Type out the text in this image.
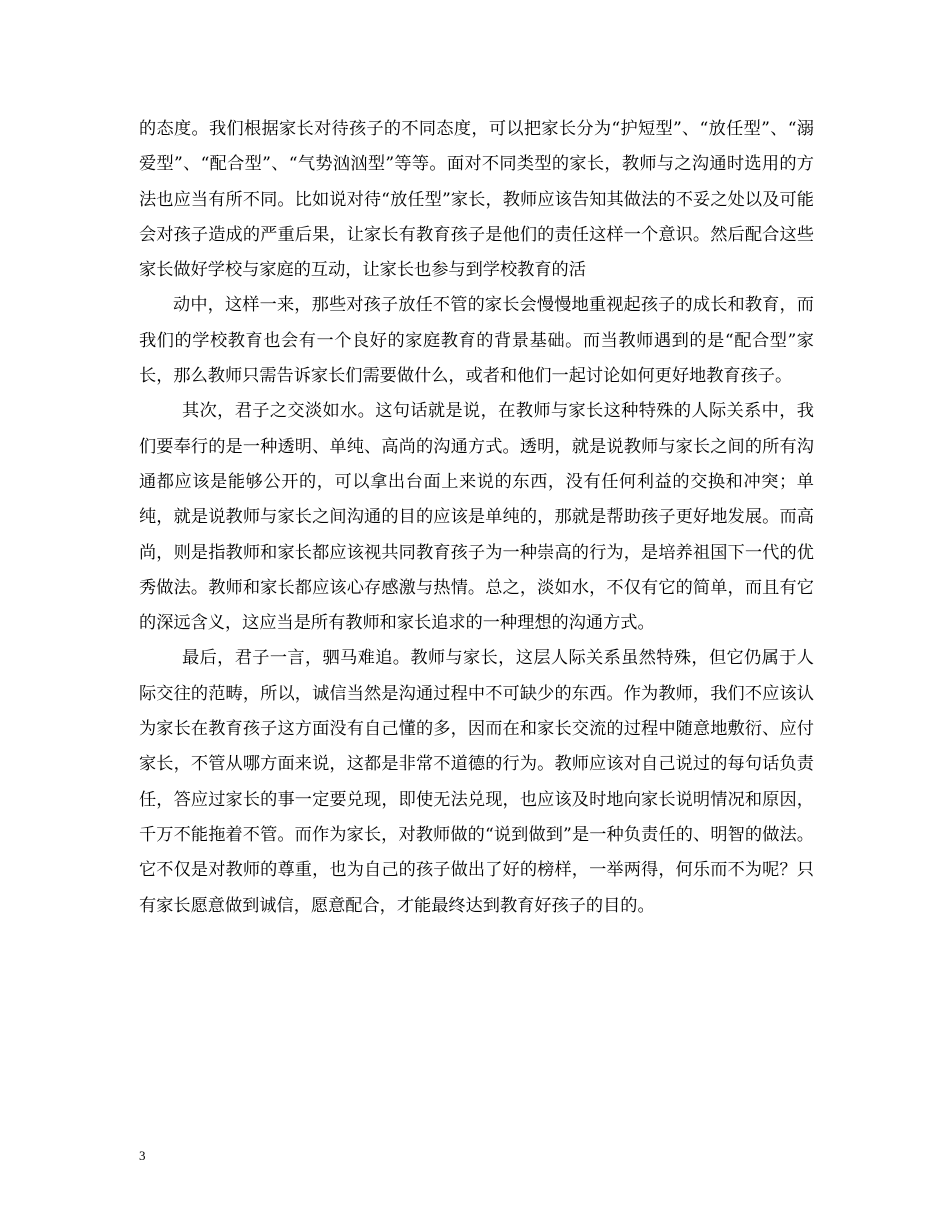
的态度。我们根据家长对待孩子的不同态度，可以把家长分为“护短型”、“放任型”、“溺爱型”、“配合型”、“气势汹汹型”等等。面对不同类型的家长，教师与之沟通时选用的方法也应当有所不同。比如说对待“放任型”家长，教师应该告知其做法的不妥之处以及可能会对孩子造成的严重后果，让家长有教育孩子是他们的责任这样一个意识。然后配合这些家长做好学校与家庭的互动，让家长也参与到学校教育的活

动中，这样一来，那些对孩子放任不管的家长会慢慢地重视起孩子的成长和教育，而我们的学校教育也会有一个良好的家庭教育的背景基础。而当教师遇到的是“配合型”家长，那么教师只需告诉家长们需要做什么，或者和他们一起讨论如何更好地教育孩子。

其次，君子之交淡如水。这句话就是说，在教师与家长这种特殊的人际关系中，我们要奉行的是一种透明、单纯、高尚的沟通方式。透明，就是说教师与家长之间的所有沟通都应该是能够公开的，可以拿出台面上来说的东西，没有任何利益的交换和冲突；单纯，就是说教师与家长之间沟通的目的应该是单纯的，那就是帮助孩子更好地发展。而高尚，则是指教师和家长都应该视共同教育孩子为一种崇高的行为，是培养祖国下一代的优秀做法。教师和家长都应该心存感激与热情。总之，淡如水，不仅有它的简单，而且有它的深远含义，这应当是所有教师和家长追求的一种理想的沟通方式。

最后，君子一言，驷马难追。教师与家长，这层人际关系虽然特殊，但它仍属于人际交往的范畴，所以，诚信当然是沟通过程中不可缺少的东西。作为教师，我们不应该认为家长在教育孩子这方面没有自己懂的多，因而在和家长交流的过程中随意地敷衍、应付家长，不管从哪方面来说，这都是非常不道德的行为。教师应该对自己说过的每句话负责任，答应过家长的事一定要兑现，即使无法兑现，也应该及时地向家长说明情况和原因，千万不能拖着不管。而作为家长，对教师做的“说到做到”是一种负责任的、明智的做法。它不仅是对教师的尊重，也为自己的孩子做出了好的榜样，一举两得，何乐而不为呢？只有家长愿意做到诚信，愿意配合，才能最终达到教育好孩子的目的。

3
